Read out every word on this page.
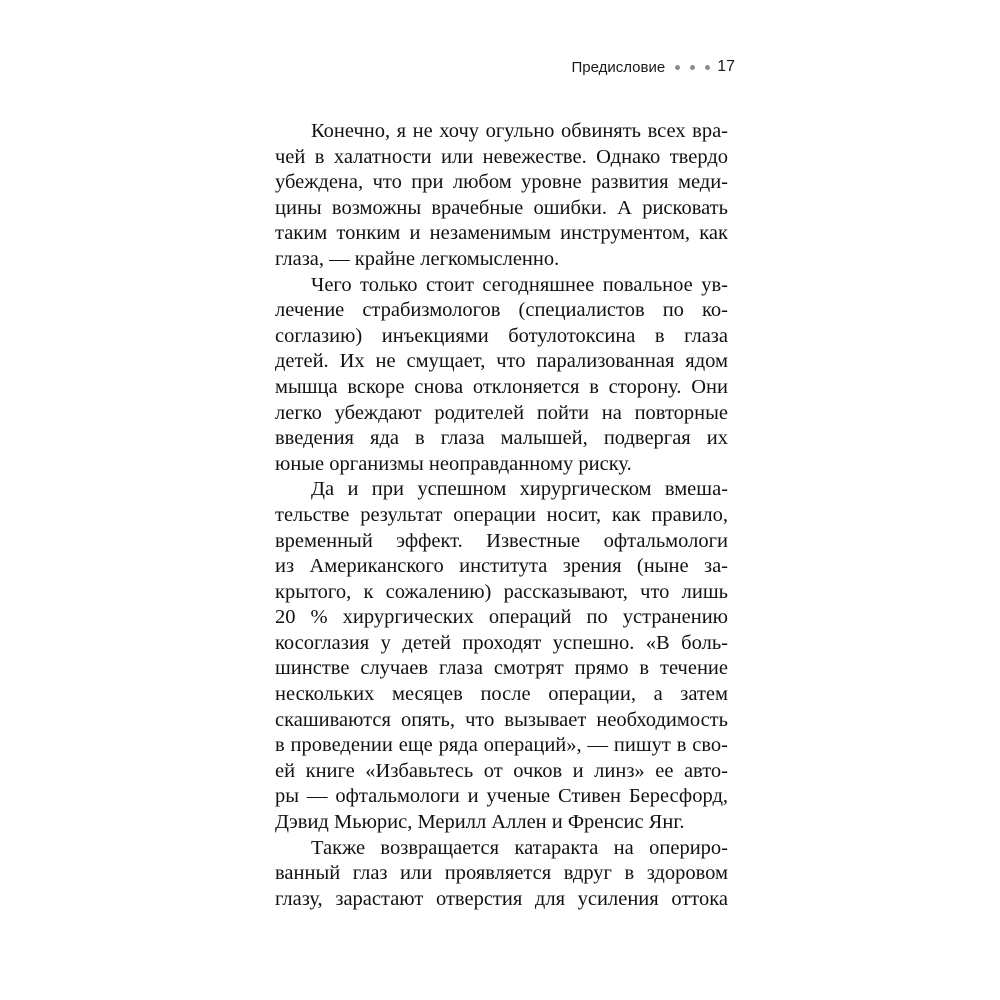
Предисловие	17
Конечно, я не хочу огульно обвинять всех вра-
чей в халатности или невежестве. Однако твердо
убеждена, что при любом уровне развития меди-
цины возможны врачебные ошибки. А рисковать
таким тонким и незаменимым инструментом, как
глаза, — крайне легкомысленно.
Чего только стоит сегодняшнее повальное ув-
лечение страбизмологов (специалистов по ко-
соглазию) инъекциями ботулотоксина в глаза
детей. Их не смущает, что парализованная ядом
мышца вскоре снова отклоняется в сторону. Они
легко убеждают родителей пойти на повторные
введения яда в глаза малышей, подвергая их
юные организмы неоправданному риску.
Да и при успешном хирургическом вмеша-
тельстве результат операции носит, как правило,
временный эффект. Известные офтальмологи
из Американского института зрения (ныне за-
крытого, к сожалению) рассказывают, что лишь
20 % хирургических операций по устранению
косоглазия у детей проходят успешно. «В боль-
шинстве случаев глаза смотрят прямо в течение
нескольких месяцев после операции, а затем
скашиваются опять, что вызывает необходимость
в проведении еще ряда операций», — пишут в сво-
ей книге «Избавьтесь от очков и линз» ее авто-
ры — офтальмологи и ученые Стивен Бересфорд,
Дэвид Мьюрис, Мерилл Аллен и Френсис Янг.
Также возвращается катаракта на опериро-
ванный глаз или проявляется вдруг в здоровом
глазу, зарастают отверстия для усиления оттока
